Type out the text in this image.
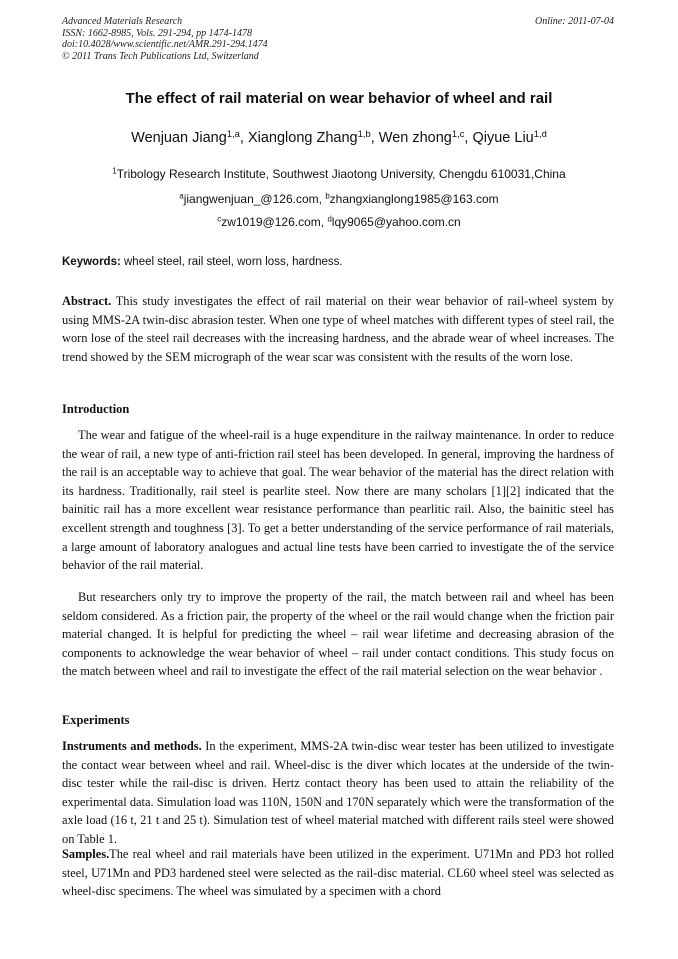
Advanced Materials Research
ISSN: 1662-8985, Vols. 291-294, pp 1474-1478
doi:10.4028/www.scientific.net/AMR.291-294.1474
© 2011 Trans Tech Publications Ltd, Switzerland
Online: 2011-07-04
The effect of rail material on wear behavior of wheel and rail
Wenjuan Jiang$^{1,a}$, Xianglong Zhang$^{1,b}$, Wen zhong$^{1,c}$, Qiyue Liu$^{1,d}$
$^1$Tribology Research Institute, Southwest Jiaotong University, Chengdu 610031,China
$^a$jiangwenjuan_@126.com, $^b$zhangxianglong1985@163.com
$^c$zw1019@126.com, $^d$lqy9065@yahoo.com.cn
Keywords: wheel steel, rail steel, worn loss, hardness.
Abstract. This study investigates the effect of rail material on their wear behavior of rail-wheel system by using MMS-2A twin-disc abrasion tester. When one type of wheel matches with different types of steel rail, the worn lose of the steel rail decreases with the increasing hardness, and the abrade wear of wheel increases. The trend showed by the SEM micrograph of the wear scar was consistent with the results of the worn lose.
Introduction
The wear and fatigue of the wheel-rail is a huge expenditure in the railway maintenance. In order to reduce the wear of rail, a new type of anti-friction rail steel has been developed. In general, improving the hardness of the rail is an acceptable way to achieve that goal. The wear behavior of the material has the direct relation with its hardness. Traditionally, rail steel is pearlite steel. Now there are many scholars [1][2] indicated that the bainitic rail has a more excellent wear resistance performance than pearlitic rail. Also, the bainitic steel has excellent strength and toughness [3]. To get a better understanding of the service performance of rail materials, a large amount of laboratory analogues and actual line tests have been carried to investigate the of the service behavior of the rail material.
But researchers only try to improve the property of the rail, the match between rail and wheel has been seldom considered. As a friction pair, the property of the wheel or the rail would change when the friction pair material changed. It is helpful for predicting the wheel – rail wear lifetime and decreasing abrasion of the components to acknowledge the wear behavior of wheel – rail under contact conditions. This study focus on the match between wheel and rail to investigate the effect of the rail material selection on the wear behavior .
Experiments
Instruments and methods. In the experiment, MMS-2A twin-disc wear tester has been utilized to investigate the contact wear between wheel and rail. Wheel-disc is the diver which locates at the underside of the twin-disc tester while the rail-disc is driven. Hertz contact theory has been used to attain the reliability of the experimental data. Simulation load was 110N, 150N and 170N separately which were the transformation of the axle load (16 t, 21 t and 25 t). Simulation test of wheel material matched with different rails steel were showed on Table 1.
Samples.The real wheel and rail materials have been utilized in the experiment. U71Mn and PD3 hot rolled steel, U71Mn and PD3 hardened steel were selected as the rail-disc material. CL60 wheel steel was selected as wheel-disc specimens. The wheel was simulated by a specimen with a chord
